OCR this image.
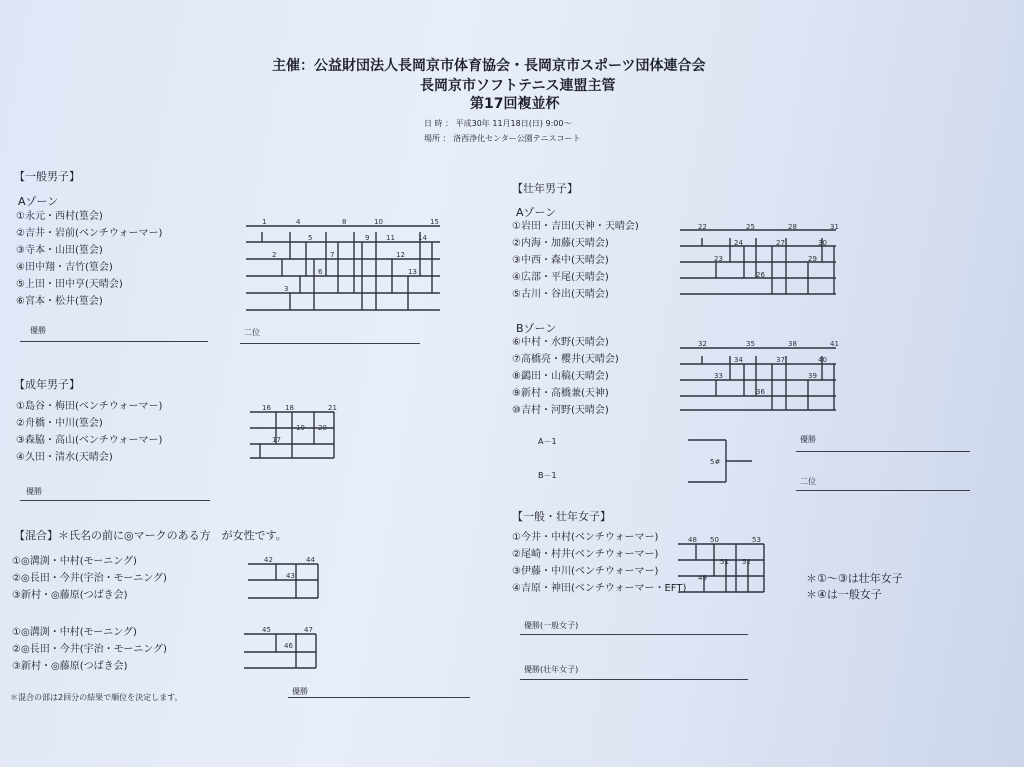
主催：公益財団法人長岡京市体育協会・長岡京市スポーツ団体連合会
長岡京市ソフトテニス連盟主管
第17回複並杯
日 時 ： 平成30年 11月18日(日) 9:00～
場所 ： 洛西浄化センター公園テニスコート
【一般男子】
Aゾーン
①永元・西村(篁会)
②吉井・岩前(ベンチウォーマー)
③寺本・山田(篁会)
④田中翔・吉竹(篁会)
⑤上田・田中亨(天晴会)
⑥宮本・松井(篁会)
優勝	二位
1	4	8	10	15
5	9 11	14
2	7	12
6	13
3
【成年男子】
①島谷・梅田(ベンチウォーマー)
②舟橋・中川(篁会)
③森脇・高山(ベンチウォーマー)
④久田・清水(天晴会)
優勝
16 18	21
19 20
17
【混合】＊氏名の前に◎マークのある方　が女性です。
①◎溝渕・中村(モーニング)
②◎長田・今井(宇治・モーニング)
③新村・◎藤原(つばき会)
①◎溝渕・中村(モーニング)
②◎長田・今井(宇治・モーニング)
③新村・◎藤原(つばき会)
＊混合の部は2回分の結果で順位を決定します。
優勝
42	44
43
45	47
46
【壮年男子】
Aゾーン
①岩田・吉田(天神・天晴会)
②内海・加藤(天晴会)
③中西・森中(天晴会)
④広部・平尾(天晴会)
⑤古川・谷出(天晴会)
Bゾーン
⑥中村・水野(天晴会)
⑦高橋亮・櫻井(天晴会)
⑧鷁田・山稿(天晴会)
⑨新村・高橋兼(天神)
⑩吉村・河野(天晴会)
A－1
B－1
優勝
二位
22	25	28	31
24	27	30
23	29
26
32	35	38	41
34	37	40
33	39
36
5#
【一般・壮年女子】
①今井・中村(ベンチウォーマー)
②尾崎・村井(ベンチウォーマー)
③伊藤・中川(ベンチウォーマー)
④吉原・神田(ベンチウォーマー・EFT)
優勝(一般女子)
優勝(壮年女子)
＊①～③は壮年女子
＊④は一般女子
48 50	53
51 52
49
